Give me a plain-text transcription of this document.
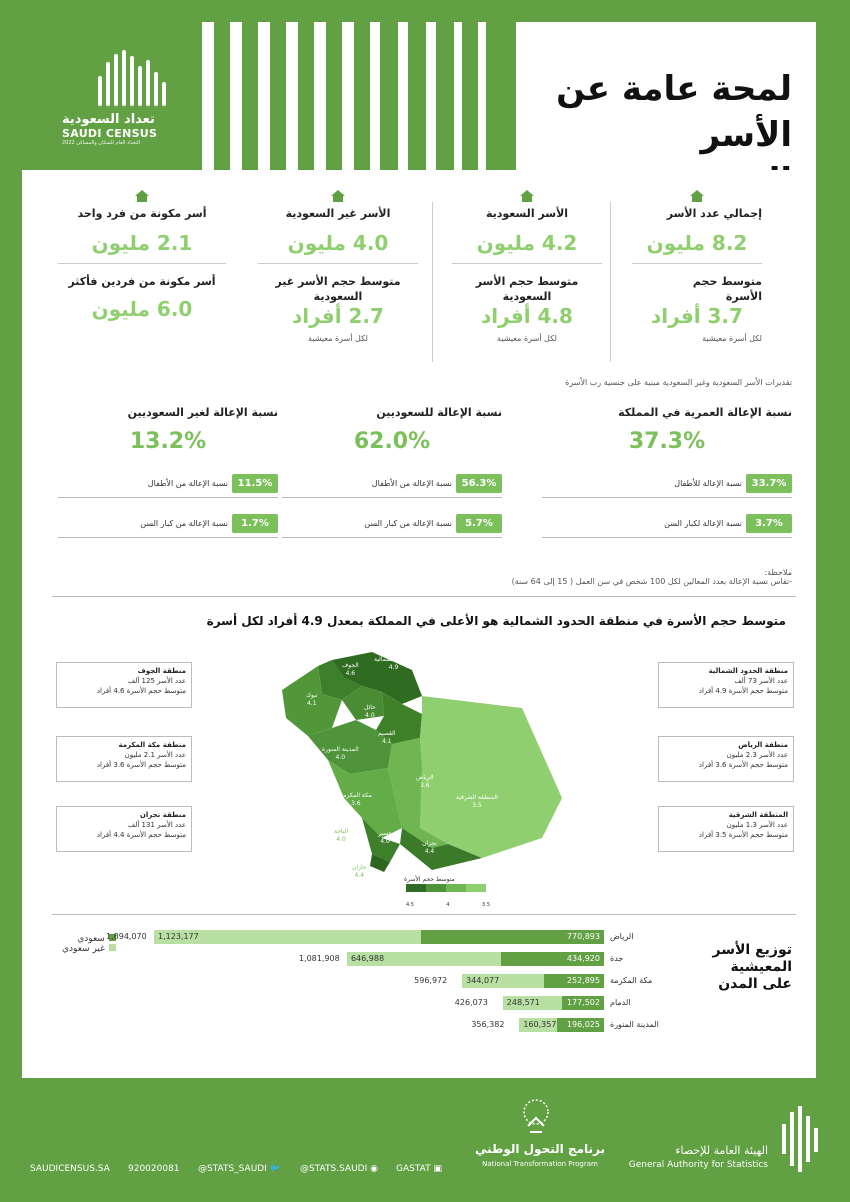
تعداد السعودية
SAUDI CENSUS
التعداد العام للسكان والمساكن 2022
لمحة عامة عن الأسر
إجمالي عدد الأسر
8.2 مليون
متوسط حجم الأسرة
3.7 أفراد
لكل أسرة معيشية
الأسر السعودية
4.2 مليون
متوسط حجم الأسر السعودية
4.8 أفراد
لكل أسرة معيشية
الأسر غير السعودية
4.0 مليون
متوسط حجم الأسر غير السعودية
2.7 أفراد
لكل أسرة معيشية
أسر مكونة من فرد واحد
2.1 مليون
أسر مكونة من فردين فأكثر
6.0 مليون
تقديرات الأسر السعودية وغير السعودية مبنية على جنسية رب الأسرة
نسبة الإعالة العمرية في المملكة
37.3%
33.7%
نسبة الإعالة للأطفال
3.7%
نسبة الإعالة لكبار السن
نسبة الإعالة للسعوديين
62.0%
56.3%
نسبة الإعالة من الأطفال
5.7%
نسبة الإعالة من كبار السن
نسبة الإعالة لغير السعوديين
13.2%
11.5%
نسبة الإعالة من الأطفال
1.7%
نسبة الإعالة من كبار السن
ملاحظة:
-تقاس نسبة الإعالة بعدد المعالين لكل 100 شخص في سن العمل ( 15 إلى 64 سنة)
متوسط حجم الأسرة في منطقة الحدود الشمالية هو الأعلى في المملكة بمعدل 4.9 أفراد لكل أسرة
متوسط حجم الأسرة
4.5	4	3.5
الجوف
4.6
الحدود الشمالية
4.9
تبوك
4.1
حائل
4.0
القصيم
4.1
المدينة المنورة
4.0
الرياض
3.6
المنطقة الشرقية
3.5
مكة المكرمة
3.6
الباحة
4.0
عسير
4.0	نجران
4.4
جازان
4.4
منطقة الحدود الشمالية
عدد الأسر 73 ألف
متوسط حجم الأسرة 4.9 أفراد
منطقة الرياض
عدد الأسر 2.3 مليون
متوسط حجم الأسرة 3.6 أفراد
المنطقة الشرقية
عدد الأسر 1.3 مليون
متوسط حجم الأسرة 3.5 أفراد
منطقة الجوف
عدد الأسر 125 ألف
متوسط حجم الأسرة 4.6 أفراد
منطقة مكة المكرمة
عدد الأسر 2.1 مليون
متوسط حجم الأسرة 3.6 أفراد
منطقة نجران
عدد الأسر 131 ألف
متوسط حجم الأسرة 4.4 أفراد
توزيع الأسر المعيشية على المدن
سعودي
غير سعودي
1,894,070	1,123,177	770,893	الرياض
1,081,908	646,988	434,920	جدة
596,972	344,077	252,895	مكة المكرمة
426,073	248,571	177,502	الدمام
356,382	160,357	196,025	المدينة المنورة
SAUDICENSUS.SA 920020081 @STATS_SAUDI 🐦 @STATS.SAUDI ◉ GASTAT ▣
برنامج التحول الوطني
National Transformation Program
الهيئة العامة للإحصاء
General Authority for Statistics
